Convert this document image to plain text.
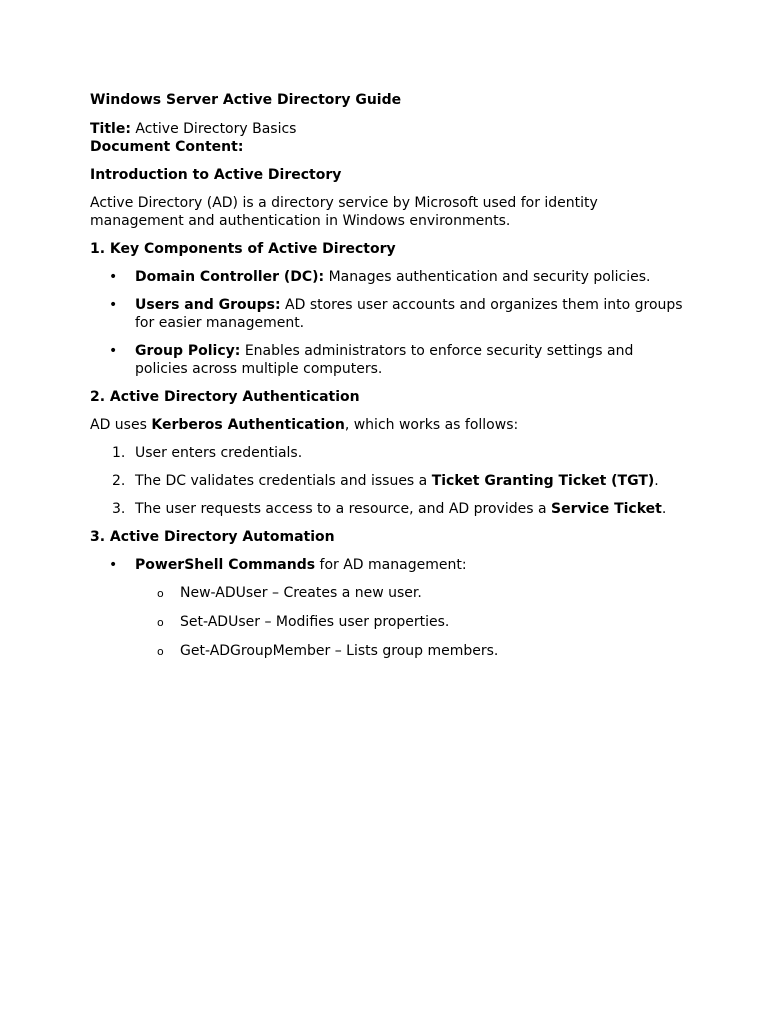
Windows Server Active Directory Guide

Title: Active Directory Basics

Document Content:

Introduction to Active Directory

Active Directory (AD) is a directory service by Microsoft used for identity management and authentication in Windows environments.

1. Key Components of Active Directory

• Domain Controller (DC): Manages authentication and security policies.
• Users and Groups: AD stores user accounts and organizes them into groups for easier management.
• Group Policy: Enables administrators to enforce security settings and policies across multiple computers.

2. Active Directory Authentication

AD uses Kerberos Authentication, which works as follows:

1. User enters credentials.
2. The DC validates credentials and issues a Ticket Granting Ticket (TGT).
3. The user requests access to a resource, and AD provides a Service Ticket.

3. Active Directory Automation

• PowerShell Commands for AD management:
o New-ADUser – Creates a new user.
o Set-ADUser – Modifies user properties.
o Get-ADGroupMember – Lists group members.
